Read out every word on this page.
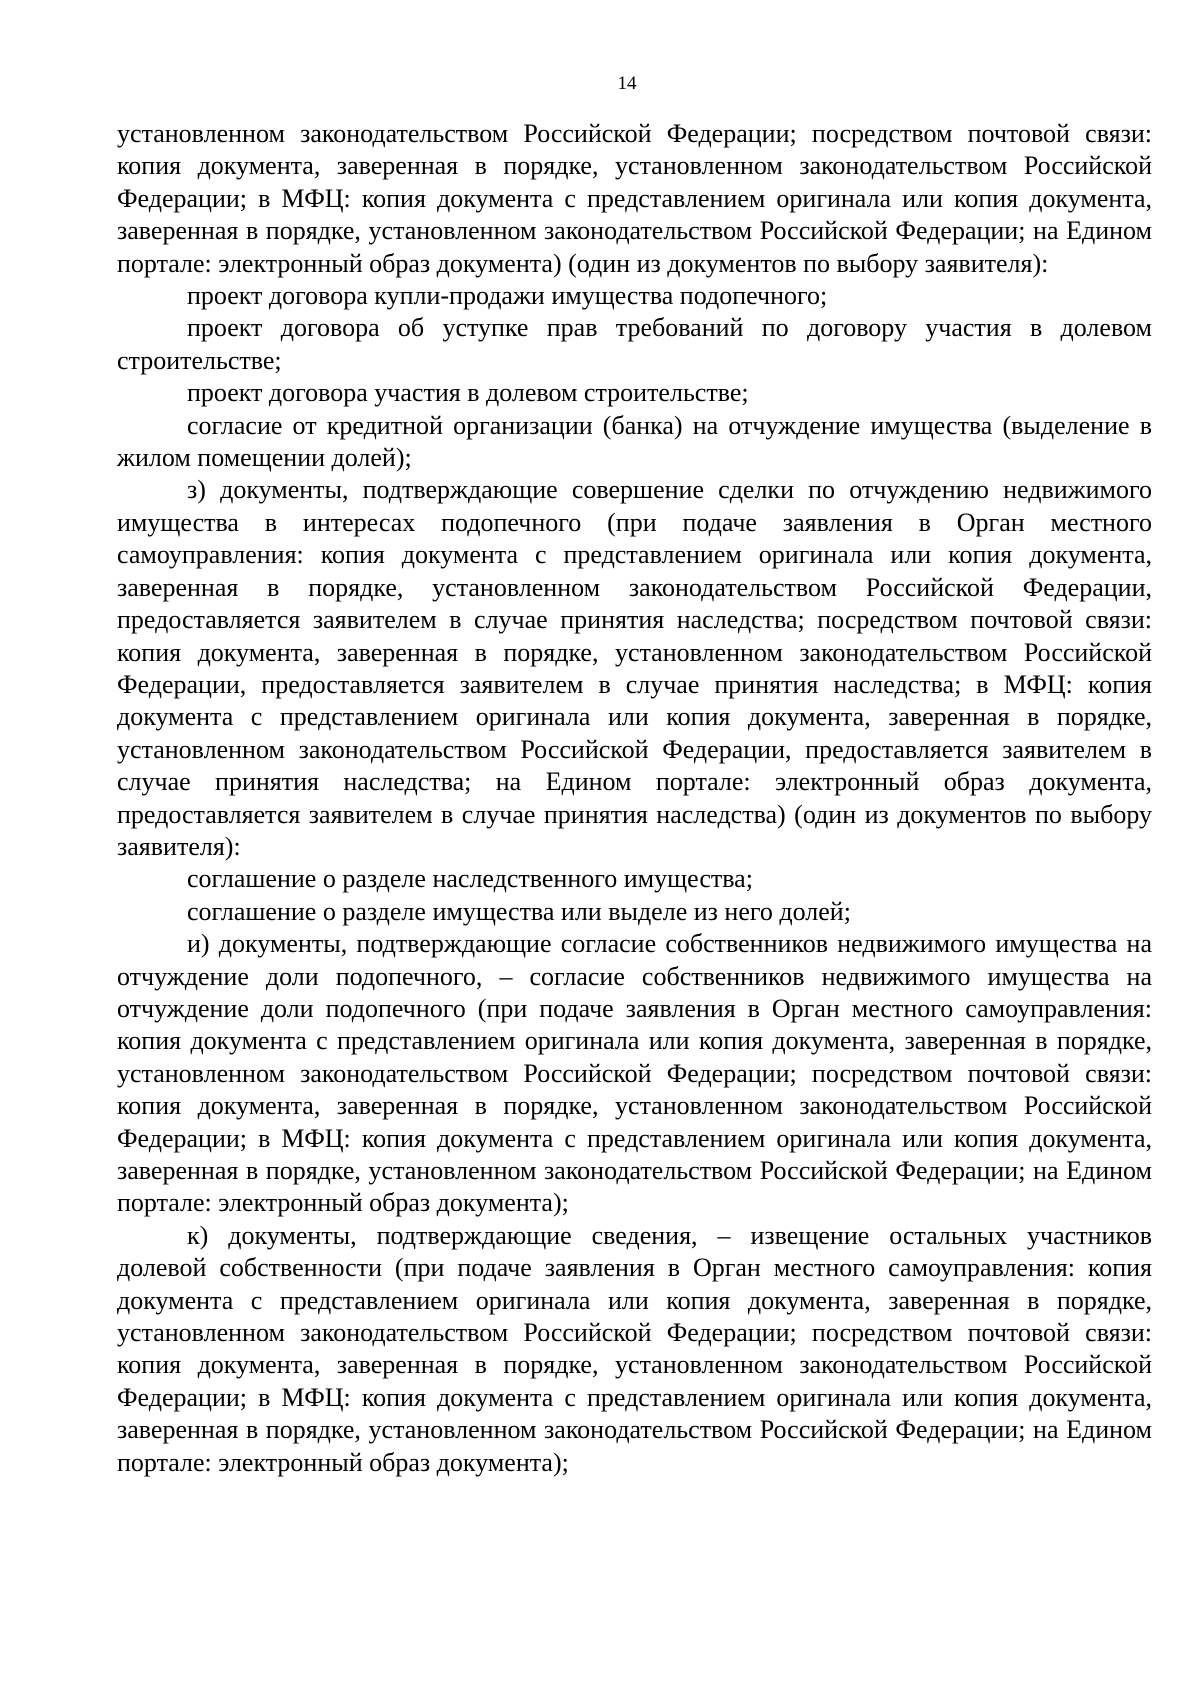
14

установленном законодательством Российской Федерации; посредством почтовой связи: копия документа, заверенная в порядке, установленном законодательством Российской Федерации; в МФЦ: копия документа с представлением оригинала или копия документа, заверенная в порядке, установленном законодательством Российской Федерации; на Едином портале: электронный образ документа) (один из документов по выбору заявителя):

проект договора купли-продажи имущества подопечного;

проект договора об уступке прав требований по договору участия в долевом строительстве;

проект договора участия в долевом строительстве;

согласие от кредитной организации (банка) на отчуждение имущества (выделение в жилом помещении долей);

з) документы, подтверждающие совершение сделки по отчуждению недвижимого имущества в интересах подопечного (при подаче заявления в Орган местного самоуправления: копия документа с представлением оригинала или копия документа, заверенная в порядке, установленном законодательством Российской Федерации, предоставляется заявителем в случае принятия наследства; посредством почтовой связи: копия документа, заверенная в порядке, установленном законодательством Российской Федерации, предоставляется заявителем в случае принятия наследства; в МФЦ: копия документа с представлением оригинала или копия документа, заверенная в порядке, установленном законодательством Российской Федерации, предоставляется заявителем в случае принятия наследства; на Едином портале: электронный образ документа, предоставляется заявителем в случае принятия наследства) (один из документов по выбору заявителя):

соглашение о разделе наследственного имущества;

соглашение о разделе имущества или выделе из него долей;

и) документы, подтверждающие согласие собственников недвижимого имущества на отчуждение доли подопечного, – согласие собственников недвижимого имущества на отчуждение доли подопечного (при подаче заявления в Орган местного самоуправления: копия документа с представлением оригинала или копия документа, заверенная в порядке, установленном законодательством Российской Федерации; посредством почтовой связи: копия документа, заверенная в порядке, установленном законодательством Российской Федерации; в МФЦ: копия документа с представлением оригинала или копия документа, заверенная в порядке, установленном законодательством Российской Федерации; на Едином портале: электронный образ документа);

к) документы, подтверждающие сведения, – извещение остальных участников долевой собственности (при подаче заявления в Орган местного самоуправления: копия документа с представлением оригинала или копия документа, заверенная в порядке, установленном законодательством Российской Федерации; посредством почтовой связи: копия документа, заверенная в порядке, установленном законодательством Российской Федерации; в МФЦ: копия документа с представлением оригинала или копия документа, заверенная в порядке, установленном законодательством Российской Федерации; на Едином портале: электронный образ документа);
